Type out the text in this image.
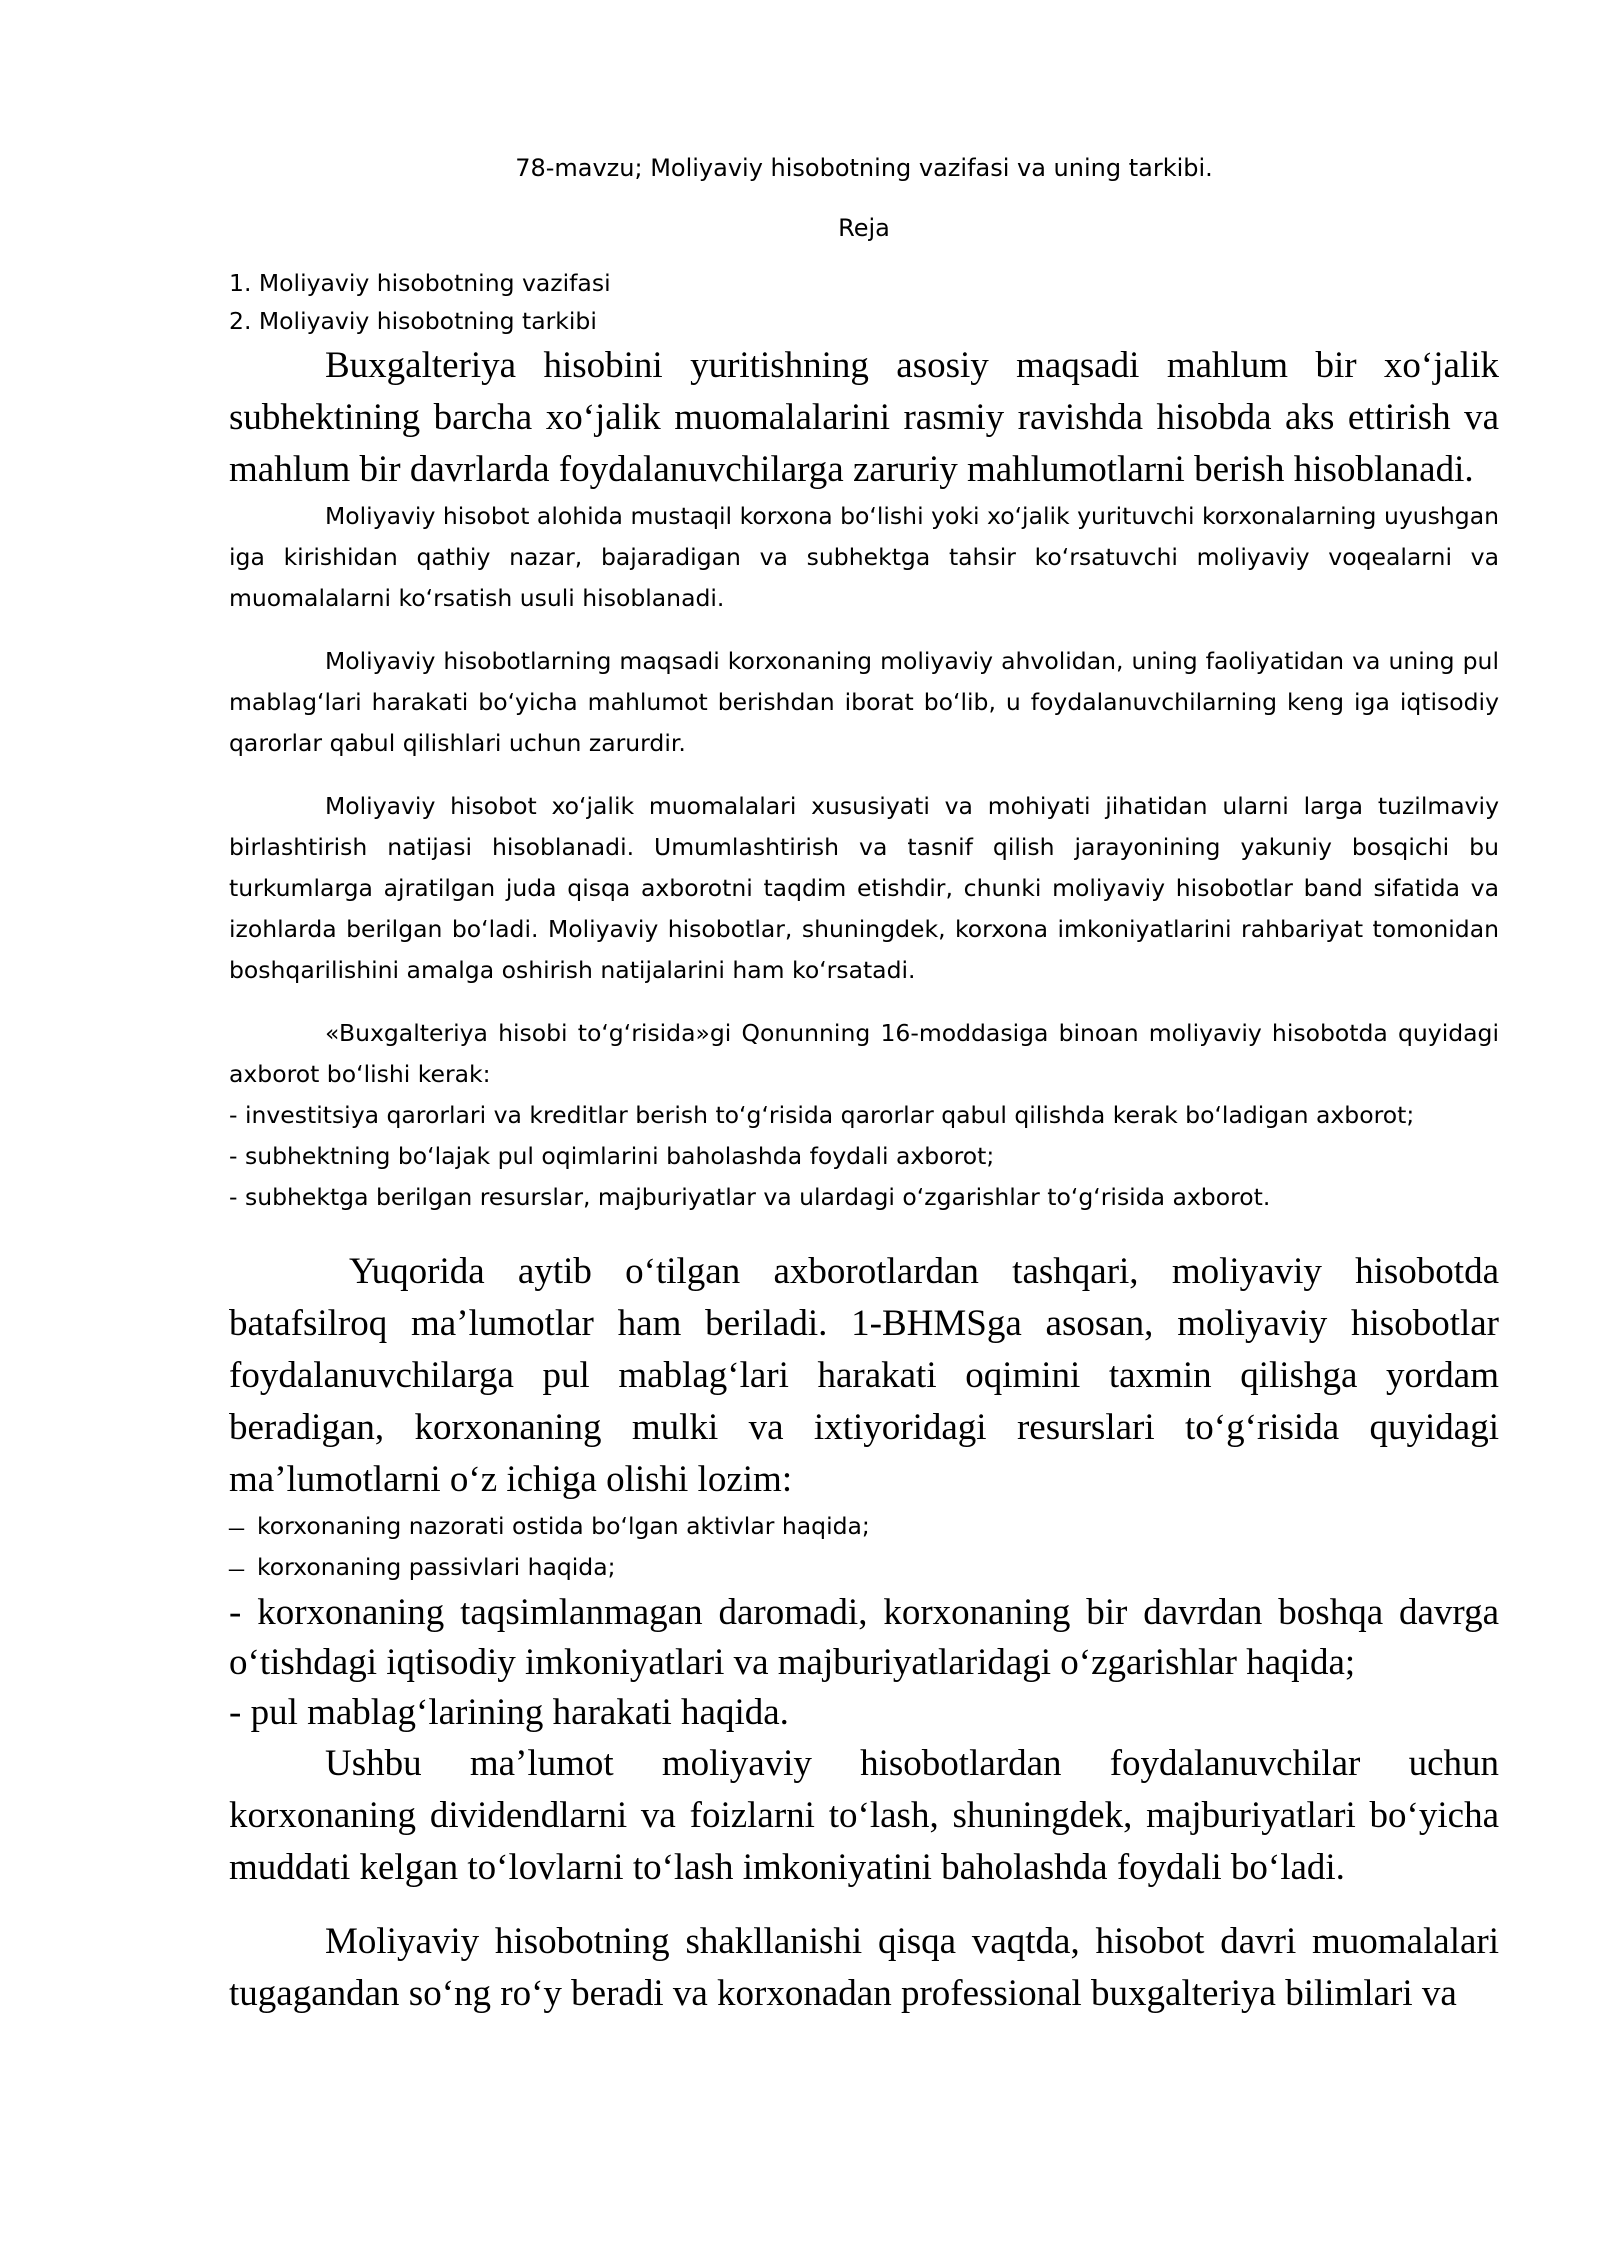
78-mavzu; Moliyaviy hisobotning vazifasi va uning tarkibi.

Reja

1. Moliyaviy hisobotning vazifasi
2. Moliyaviy hisobotning tarkibi

Buxgalteriya hisobini yuritishning asosiy maqsadi mahlum bir xo‘jalik subhektining barcha xo‘jalik muomalalarini rasmiy ravishda hisobda aks ettirish va mahlum bir davrlarda foydalanuvchilarga zaruriy mahlumotlarni berish hisoblanadi.

Moliyaviy hisobot alohida mustaqil korxona bo‘lishi yoki xo‘jalik yurituvchi korxonalarning uyushgan iga kirishidan qathiy nazar, bajaradigan va subhektga tahsir ko‘rsatuvchi moliyaviy voqealarni va muomalalarni ko‘rsatish usuli hisoblanadi.

Moliyaviy hisobotlarning maqsadi korxonaning moliyaviy ahvolidan, uning faoliyatidan va uning pul mablag‘lari harakati bo‘yicha mahlumot berishdan iborat bo‘lib, u foydalanuvchilarning keng iga iqtisodiy qarorlar qabul qilishlari uchun zarurdir.

Moliyaviy hisobot xo‘jalik muomalalari xususiyati va mohiyati jihatidan ularni larga tuzilmaviy birlashtirish natijasi hisoblanadi. Umumlashtirish va tasnif qilish jarayonining yakuniy bosqichi bu turkumlarga ajratilgan juda qisqa axborotni taqdim etishdir, chunki moliyaviy hisobotlar band sifatida va izohlarda berilgan bo‘ladi. Moliyaviy hisobotlar, shuningdek, korxona imkoniyatlarini rahbariyat tomonidan boshqarilishini amalga oshirish natijalarini ham ko‘rsatadi.

«Buxgalteriya hisobi to‘g‘risida»gi Qonunning 16-moddasiga binoan moliyaviy hisobotda quyidagi axborot bo‘lishi kerak:

- investitsiya qarorlari va kreditlar berish to‘g‘risida qarorlar qabul qilishda kerak bo‘ladigan axborot;

- subhektning bo‘lajak pul oqimlarini baholashda foydali axborot;

- subhektga berilgan resurslar, majburiyatlar va ulardagi o‘zgarishlar to‘g‘risida axborot.

Yuqorida aytib o‘tilgan axborotlardan tashqari, moliyaviy hisobotda batafsilroq ma’lumotlar ham beriladi. 1-BHMSga asosan, moliyaviy hisobotlar foydalanuvchilarga pul mablag‘lari harakati oqimini taxmin qilishga yordam beradigan, korxonaning mulki va ixtiyoridagi resurslari to‘g‘risida quyidagi ma’lumotlarni o‘z ichiga olishi lozim:

– korxonaning nazorati ostida bo‘lgan aktivlar haqida;
– korxonaning passivlari haqida;

- korxonaning taqsimlanmagan daromadi, korxonaning bir davrdan boshqa davrga o‘tishdagi iqtisodiy imkoniyatlari va majburiyatlaridagi o‘zgarishlar haqida;

- pul mablag‘larining harakati haqida.

Ushbu ma’lumot moliyaviy hisobotlardan foydalanuvchilar uchun korxonaning dividendlarni va foizlarni to‘lash, shuningdek, majburiyatlari bo‘yicha muddati kelgan to‘lovlarni to‘lash imkoniyatini baholashda foydali bo‘ladi.

Moliyaviy hisobotning shakllanishi qisqa vaqtda, hisobot davri muomalalari tugagandan so‘ng ro‘y beradi va korxonadan professional buxgalteriya bilimlari va
